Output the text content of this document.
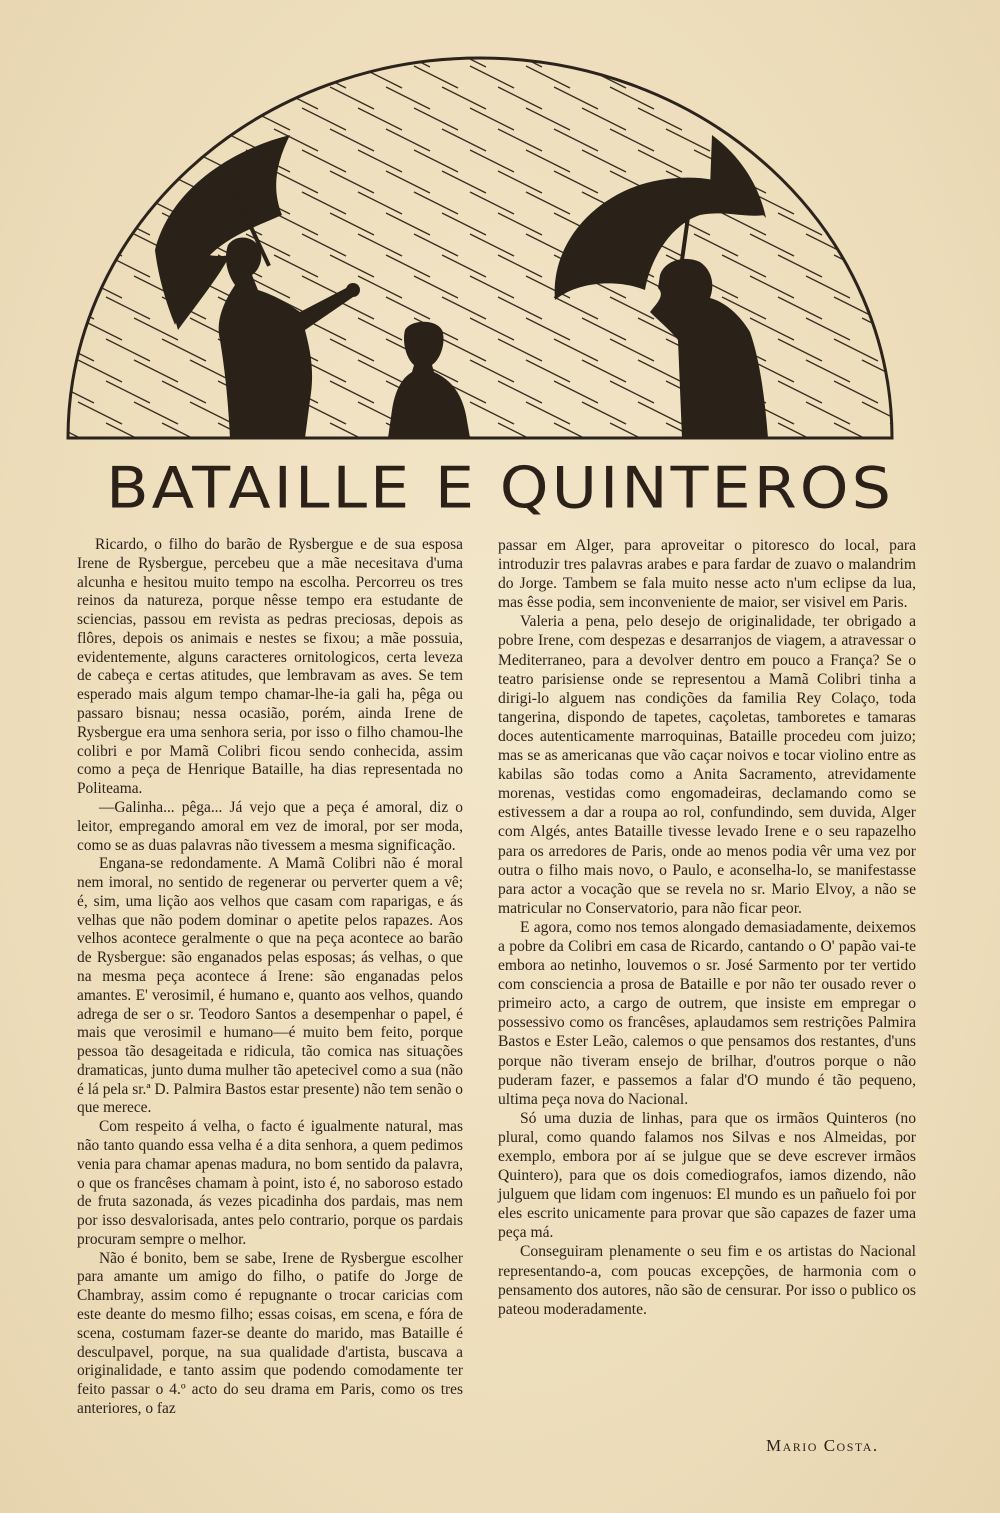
BATAILLE E QUINTEROS

Ricardo, o filho do barão de Rysbergue e de sua esposa Irene de Rysbergue, percebeu que a mãe necesitava d'uma alcunha e hesitou muito tempo na escolha. Percorreu os tres reinos da natureza, porque nêsse tempo era estudante de sciencias, passou em revista as pedras preciosas, depois as flôres, depois os animais e nestes se fixou; a mãe possuia, evidentemente, alguns caracteres ornitologicos, certa leveza de cabeça e certas atitudes, que lembravam as aves. Se tem esperado mais algum tempo chamar-lhe-ia gali ha, pêga ou passaro bisnau; nessa ocasião, porém, ainda Irene de Rysbergue era uma senhora seria, por isso o filho chamou-lhe colibri e por Mamã Colibri ficou sendo conhecida, assim como a peça de Henrique Bataille, ha dias representada no Politeama.

—Galinha... pêga... Já vejo que a peça é amoral, diz o leitor, empregando amoral em vez de imoral, por ser moda, como se as duas palavras não tivessem a mesma significação.

Engana-se redondamente. A Mamã Colibri não é moral nem imoral, no sentido de regenerar ou perverter quem a vê; é, sim, uma lição aos velhos que casam com raparigas, e ás velhas que não podem dominar o apetite pelos rapazes. Aos velhos acontece geralmente o que na peça acontece ao barão de Rysbergue: são enganados pelas esposas; ás velhas, o que na mesma peça acontece á Irene: são enganadas pelos amantes. E' verosimil, é humano e, quanto aos velhos, quando adrega de ser o sr. Teodoro Santos a desempenhar o papel, é mais que verosimil e humano—é muito bem feito, porque pessoa tão desageitada e ridicula, tão comica nas situações dramaticas, junto duma mulher tão apetecivel como a sua (não é lá pela sr.ª D. Palmira Bastos estar presente) não tem senão o que merece.

Com respeito á velha, o facto é igualmente natural, mas não tanto quando essa velha é a dita senhora, a quem pedimos venia para chamar apenas madura, no bom sentido da palavra, o que os francêses chamam à point, isto é, no saboroso estado de fruta sazonada, ás vezes picadinha dos pardais, mas nem por isso desvalorisada, antes pelo contrario, porque os pardais procuram sempre o melhor.

Não é bonito, bem se sabe, Irene de Rysbergue escolher para amante um amigo do filho, o patife do Jorge de Chambray, assim como é repugnante o trocar caricias com este deante do mesmo filho; essas coisas, em scena, e fóra de scena, costumam fazer-se deante do marido, mas Bataille é desculpavel, porque, na sua qualidade d'artista, buscava a originalidade, e tanto assim que podendo comodamente ter feito passar o 4.º acto do seu drama em Paris, como os tres anteriores, o faz

passar em Alger, para aproveitar o pitoresco do local, para introduzir tres palavras arabes e para fardar de zuavo o malandrim do Jorge. Tambem se fala muito nesse acto n'um eclipse da lua, mas êsse podia, sem inconveniente de maior, ser visivel em Paris.

Valeria a pena, pelo desejo de originalidade, ter obrigado a pobre Irene, com despezas e desarranjos de viagem, a atravessar o Mediterraneo, para a devolver dentro em pouco a França? Se o teatro parisiense onde se representou a Mamã Colibri tinha a dirigi-lo alguem nas condições da familia Rey Colaço, toda tangerina, dispondo de tapetes, caçoletas, tamboretes e tamaras doces autenticamente marroquinas, Bataille procedeu com juizo; mas se as americanas que vão caçar noivos e tocar violino entre as kabilas são todas como a Anita Sacramento, atrevidamente morenas, vestidas como engomadeiras, declamando como se estivessem a dar a roupa ao rol, confundindo, sem duvida, Alger com Algés, antes Bataille tivesse levado Irene e o seu rapazelho para os arredores de Paris, onde ao menos podia vêr uma vez por outra o filho mais novo, o Paulo, e aconselha-lo, se manifestasse para actor a vocação que se revela no sr. Mario Elvoy, a não se matricular no Conservatorio, para não ficar peor.

E agora, como nos temos alongado demasiadamente, deixemos a pobre da Colibri em casa de Ricardo, cantando o O' papão vai-te embora ao netinho, louvemos o sr. José Sarmento por ter vertido com consciencia a prosa de Bataille e por não ter ousado rever o primeiro acto, a cargo de outrem, que insiste em empregar o possessivo como os francêses, aplaudamos sem restrições Palmira Bastos e Ester Leão, calemos o que pensamos dos restantes, d'uns porque não tiveram ensejo de brilhar, d'outros porque o não puderam fazer, e passemos a falar d'O mundo é tão pequeno, ultima peça nova do Nacional.

Só uma duzia de linhas, para que os irmãos Quinteros (no plural, como quando falamos nos Silvas e nos Almeidas, por exemplo, embora por aí se julgue que se deve escrever irmãos Quintero), para que os dois comediografos, iamos dizendo, não julguem que lidam com ingenuos: El mundo es un pañuelo foi por eles escrito unicamente para provar que são capazes de fazer uma peça má.

Conseguiram plenamente o seu fim e os artistas do Nacional representando-a, com poucas excepções, de harmonia com o pensamento dos autores, não são de censurar. Por isso o publico os pateou moderadamente.

Mario Costa.
